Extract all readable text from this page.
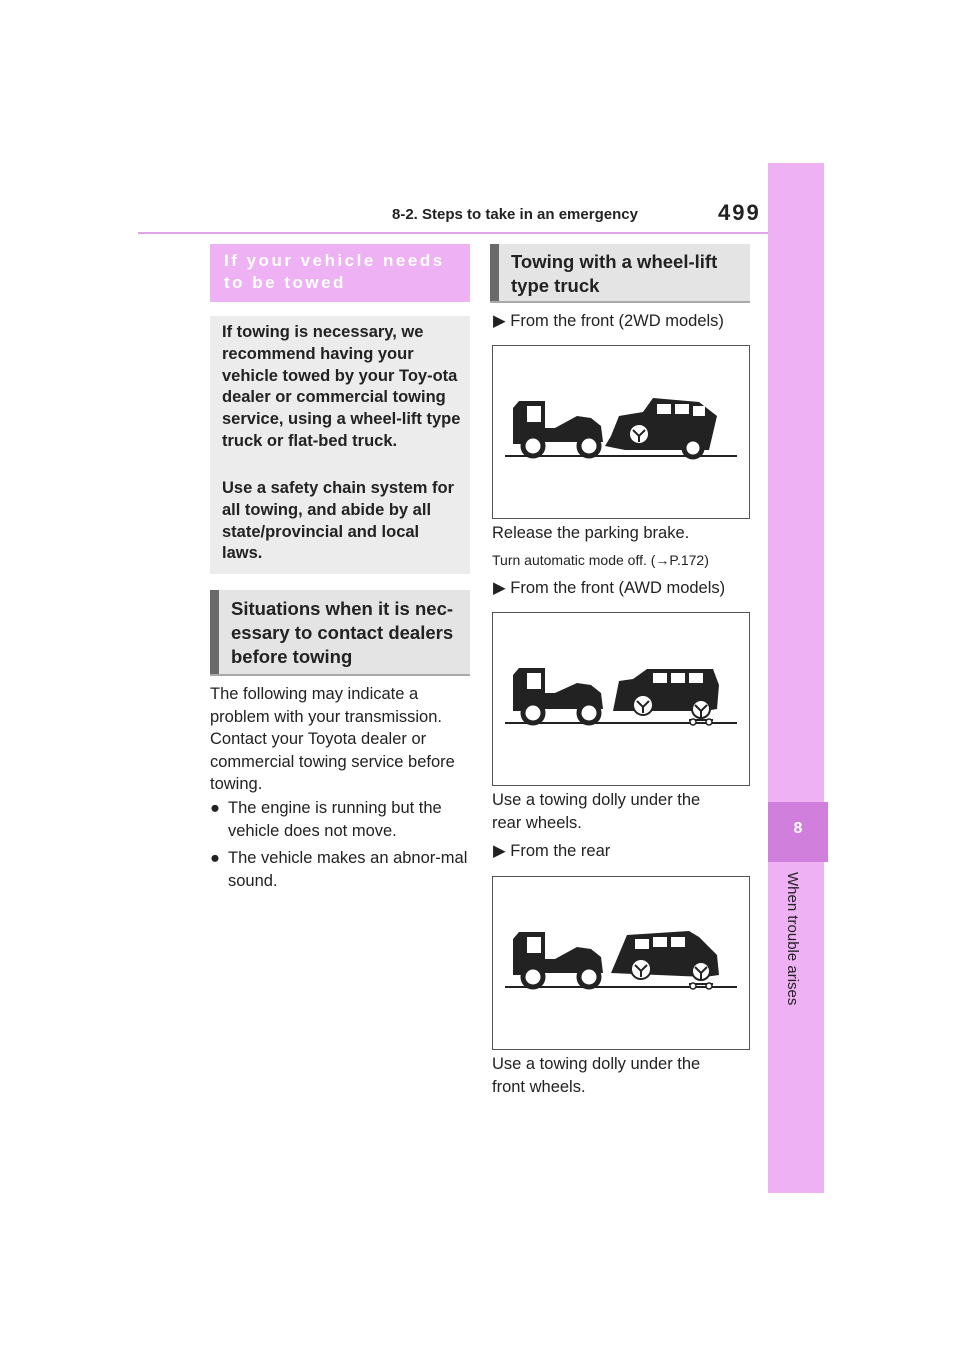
8-2. Steps to take in an emergency	499
8
When trouble arises
If your vehicle needs to be towed

If towing is necessary, we recommend having your vehicle towed by your Toy-ota dealer or commercial towing service, using a wheel-lift type truck or flat-bed truck.

Use a safety chain system for all towing, and abide by all state/provincial and local laws.

Situations when it is nec-essary to contact dealers before towing

The following may indicate a problem with your transmission. Contact your Toyota dealer or commercial towing service before towing.

● The engine is running but the vehicle does not move.
● The vehicle makes an abnor-mal sound.
Towing with a wheel-lift type truck
▶ From the front (2WD models)
Release the parking brake.
Turn automatic mode off. (→P.172)
▶ From the front (AWD models)
Use a towing dolly under the rear wheels.
▶ From the rear
Use a towing dolly under the front wheels.
